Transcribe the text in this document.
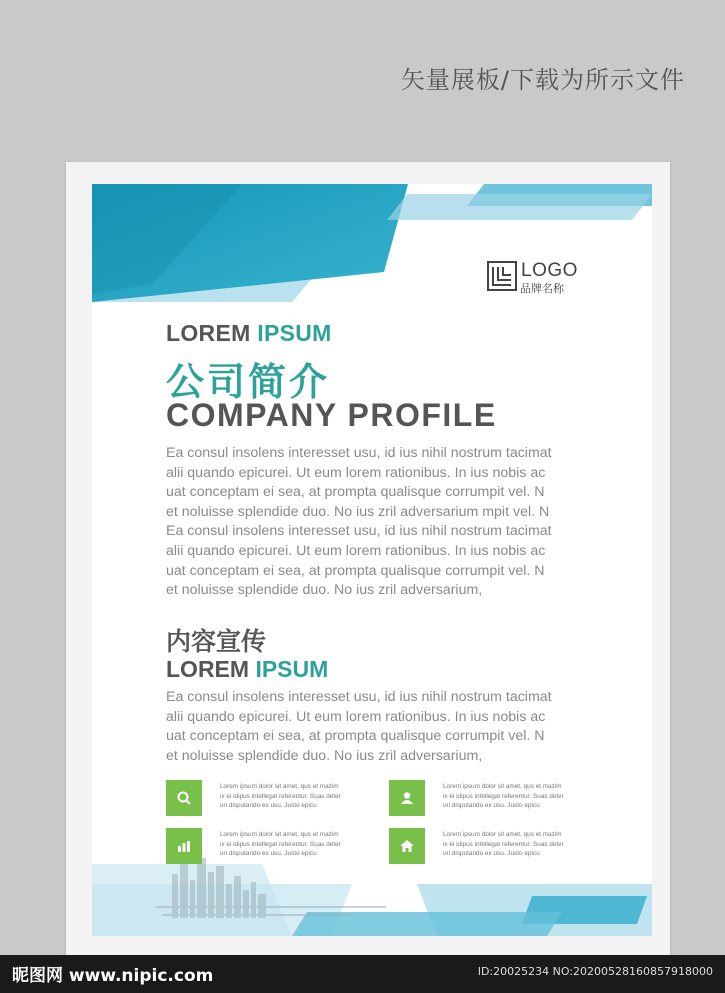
矢量展板/下载为所示文件
LOGO
品牌名称
LOREM IPSUM
公司简介
COMPANY PROFILE
Ea consul insolens interesset usu, id ius nihil nostrum tacimat
alii quando epicurei. Ut eum lorem rationibus. In ius nobis ac
uat conceptam ei sea, at prompta qualisque corrumpit vel. N
et noluisse splendide duo. No ius zril adversarium mpit vel. N
Ea consul insolens interesset usu, id ius nihil nostrum tacimat
alii quando epicurei. Ut eum lorem rationibus. In ius nobis ac
uat conceptam ei sea, at prompta qualisque corrumpit vel. N
et noluisse splendide duo. No ius zril adversarium,
内容宣传
LOREM IPSUM
Ea consul insolens interesset usu, id ius nihil nostrum tacimat
alii quando epicurei. Ut eum lorem rationibus. In ius nobis ac
uat conceptam ei sea, at prompta qualisque corrumpit vel. N
et noluisse splendide duo. No ius zril adversarium,
Lorem ipsum dolor sit amet, qus et mazim
ix ei idipus intellegat referentur. Suas deter
uri disputando ex usu. Justo epicu
Lorem ipsum dolor sit amet, qus et mazim
ix ei idipus intellegat referentur. Suas deter
uri disputando ex usu. Justo epicu
Lorem ipsum dolor sit amet, qus et mazim
ix ei idipus intellegat referentur. Suas deter
uri disputando ex usu. Justo epicu
Lorem ipsum dolor sit amet, qus et mazim
ix ei idipus intellegat referentur. Suas deter
uri disputando ex usu. Justo epicu
昵图网 www.nipic.com	ID:20025234 NO:20200528160857918000
